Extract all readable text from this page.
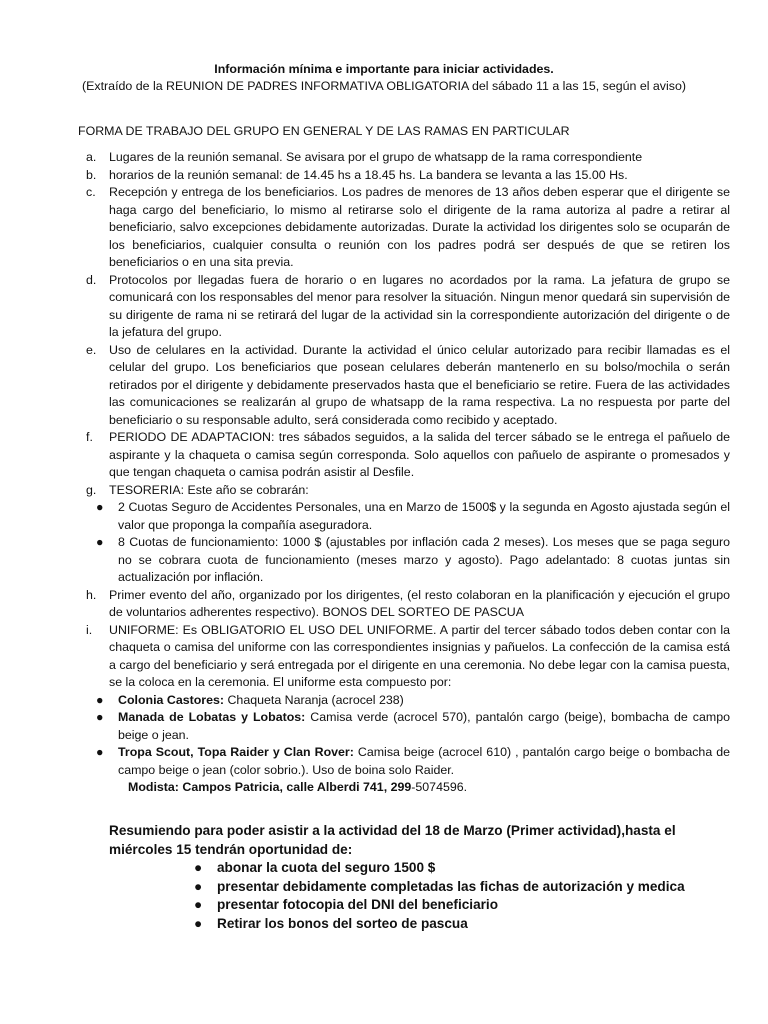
Información mínima e importante para iniciar actividades.
(Extraído de la REUNION DE PADRES INFORMATIVA OBLIGATORIA del sábado 11 a las 15, según el aviso)
FORMA DE TRABAJO DEL GRUPO EN GENERAL Y DE LAS RAMAS EN PARTICULAR
a. Lugares de la reunión semanal. Se avisara por el grupo de whatsapp de la rama correspondiente
b. horarios de la reunión semanal: de 14.45 hs a 18.45 hs. La bandera se levanta a las 15.00 Hs.
c. Recepción y entrega de los beneficiarios. Los padres de menores de 13 años deben esperar que el dirigente se haga cargo del beneficiario, lo mismo al retirarse solo el dirigente de la rama autoriza al padre a retirar al beneficiario, salvo excepciones debidamente autorizadas. Durate la actividad los dirigentes solo se ocuparán de los beneficiarios, cualquier consulta o reunión con los padres podrá ser después de que se retiren los beneficiarios o en una sita previa.
d. Protocolos por llegadas fuera de horario o en lugares no acordados por la rama. La jefatura de grupo se comunicará con los responsables del menor para resolver la situación. Ningun menor quedará sin supervisión de su dirigente de rama ni se retirará del lugar de la actividad sin la correspondiente autorización del dirigente o de la jefatura del grupo.
e. Uso de celulares en la actividad. Durante la actividad el único celular autorizado para recibir llamadas es el celular del grupo. Los beneficiarios que posean celulares deberán mantenerlo en su bolso/mochila o serán retirados por el dirigente y debidamente preservados hasta que el beneficiario se retire. Fuera de las actividades las comunicaciones se realizarán al grupo de whatsapp de la rama respectiva. La no respuesta por parte del beneficiario o su responsable adulto, será considerada como recibido y aceptado.
f. PERIODO DE ADAPTACION: tres sábados seguidos, a la salida del tercer sábado se le entrega el pañuelo de aspirante y la chaqueta o camisa según corresponda. Solo aquellos con pañuelo de aspirante o promesados y que tengan chaqueta o camisa podrán asistir al Desfile.
g. TESORERIA: Este año se cobrarán:
● 2 Cuotas Seguro de Accidentes Personales, una en Marzo de 1500$ y la segunda en Agosto ajustada según el valor que proponga la compañía aseguradora.
● 8 Cuotas de funcionamiento: 1000 $ (ajustables por inflación cada 2 meses). Los meses que se paga seguro no se cobrara cuota de funcionamiento (meses marzo y agosto). Pago adelantado: 8 cuotas juntas sin actualización por inflación.
h. Primer evento del año, organizado por los dirigentes, (el resto colaboran en la planificación y ejecución el grupo de voluntarios adherentes respectivo). BONOS DEL SORTEO DE PASCUA
i. UNIFORME: Es OBLIGATORIO EL USO DEL UNIFORME. A partir del tercer sábado todos deben contar con la chaqueta o camisa del uniforme con las correspondientes insignias y pañuelos. La confección de la camisa está a cargo del beneficiario y será entregada por el dirigente en una ceremonia. No debe legar con la camisa puesta, se la coloca en la ceremonia. El uniforme esta compuesto por:
● Colonia Castores: Chaqueta Naranja (acrocel 238)
● Manada de Lobatas y Lobatos: Camisa verde (acrocel 570), pantalón cargo (beige), bombacha de campo beige o jean.
● Tropa Scout, Topa Raider y Clan Rover: Camisa beige (acrocel 610) , pantalón cargo beige o bombacha de campo beige o jean (color sobrio.). Uso de boina solo Raider.
Modista: Campos Patricia, calle Alberdi 741, 299-5074596.
Resumiendo para poder asistir a la actividad del 18 de Marzo (Primer actividad),hasta el miércoles 15 tendrán oportunidad de:
● abonar la cuota del seguro 1500 $
● presentar debidamente completadas las fichas de autorización y medica
● presentar fotocopia del DNI del beneficiario
● Retirar los bonos del sorteo de pascua
